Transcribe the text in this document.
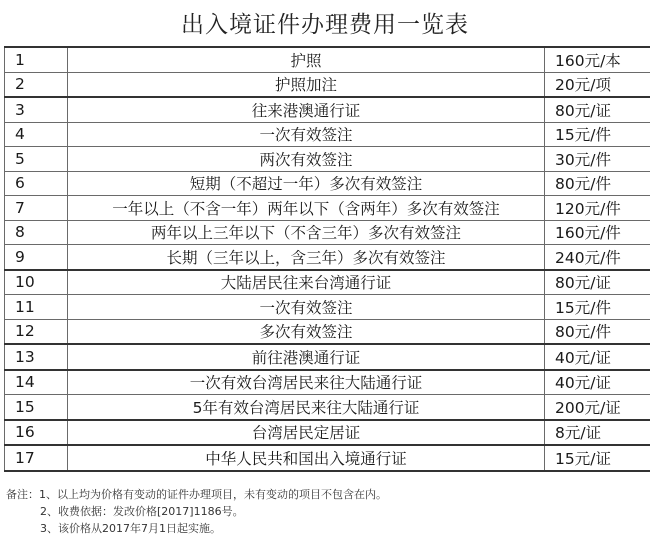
出入境证件办理费用一览表
1	护照	160元/本
2	护照加注	20元/项
3	往来港澳通行证	80元/证
4	一次有效签注	15元/件
5	两次有效签注	30元/件
6	短期（不超过一年）多次有效签注	80元/件
7	一年以上（不含一年）两年以下（含两年）多次有效签注	120元/件
8	两年以上三年以下（不含三年）多次有效签注	160元/件
9	长期（三年以上，含三年）多次有效签注	240元/件
10	大陆居民往来台湾通行证	80元/证
11	一次有效签注	15元/件
12	多次有效签注	80元/件
13	前往港澳通行证	40元/证
14	一次有效台湾居民来往大陆通行证	40元/证
15	5年有效台湾居民来往大陆通行证	200元/证
16	台湾居民定居证	8元/证
17	中华人民共和国出入境通行证	15元/证
备注：1、以上均为价格有变动的证件办理项目，未有变动的项目不包含在内。
2、收费依据：发改价格[2017]1186号。
3、该价格从2017年7月1日起实施。
